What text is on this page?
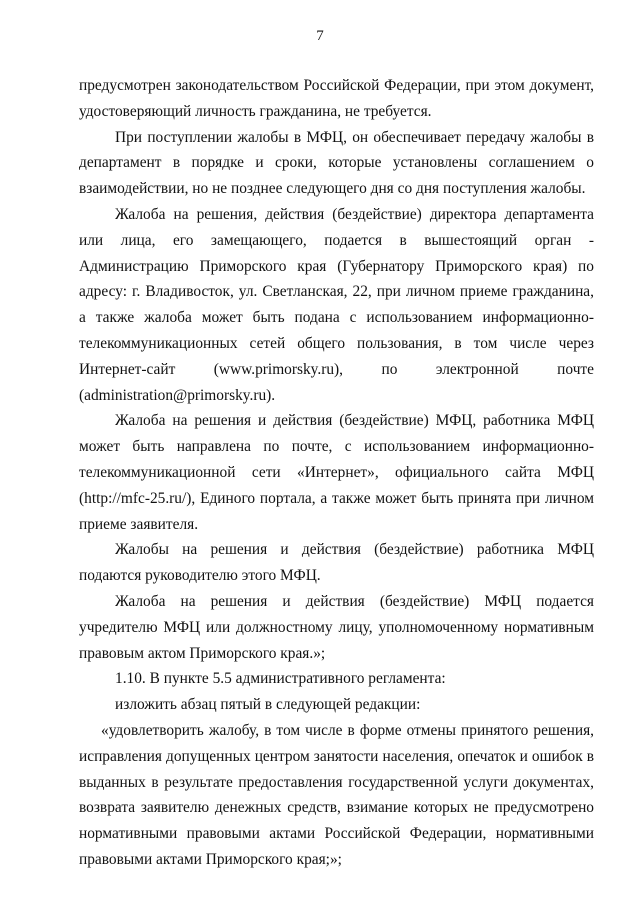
7

предусмотрен законодательством Российской Федерации, при этом документ, удостоверяющий личность гражданина, не требуется.

При поступлении жалобы в МФЦ, он обеспечивает передачу жалобы в департамент в порядке и сроки, которые установлены соглашением о взаимодействии, но не позднее следующего дня со дня поступления жалобы.

Жалоба на решения, действия (бездействие) директора департамента или лица, его замещающего, подается в вышестоящий орган - Администрацию Приморского края (Губернатору Приморского края) по адресу: г. Владивосток, ул. Светланская, 22, при личном приеме гражданина, а также жалоба может быть подана с использованием информационно-телекоммуникационных сетей общего пользования, в том числе через Интернет-сайт (www.primorsky.ru), по электронной почте (administration@primorsky.ru).

Жалоба на решения и действия (бездействие) МФЦ, работника МФЦ может быть направлена по почте, с использованием информационно-телекоммуникационной сети «Интернет», официального сайта МФЦ (http://mfc-25.ru/), Единого портала, а также может быть принята при личном приеме заявителя.

Жалобы на решения и действия (бездействие) работника МФЦ подаются руководителю этого МФЦ.

Жалоба на решения и действия (бездействие) МФЦ подается учредителю МФЦ или должностному лицу, уполномоченному нормативным правовым актом Приморского края.»;

1.10. В пункте 5.5 административного регламента:

изложить абзац пятый в следующей редакции:

«удовлетворить жалобу, в том числе в форме отмены принятого решения, исправления допущенных центром занятости населения, опечаток и ошибок в выданных в результате предоставления государственной услуги документах, возврата заявителю денежных средств, взимание которых не предусмотрено нормативными правовыми актами Российской Федерации, нормативными правовыми актами Приморского края;»;
